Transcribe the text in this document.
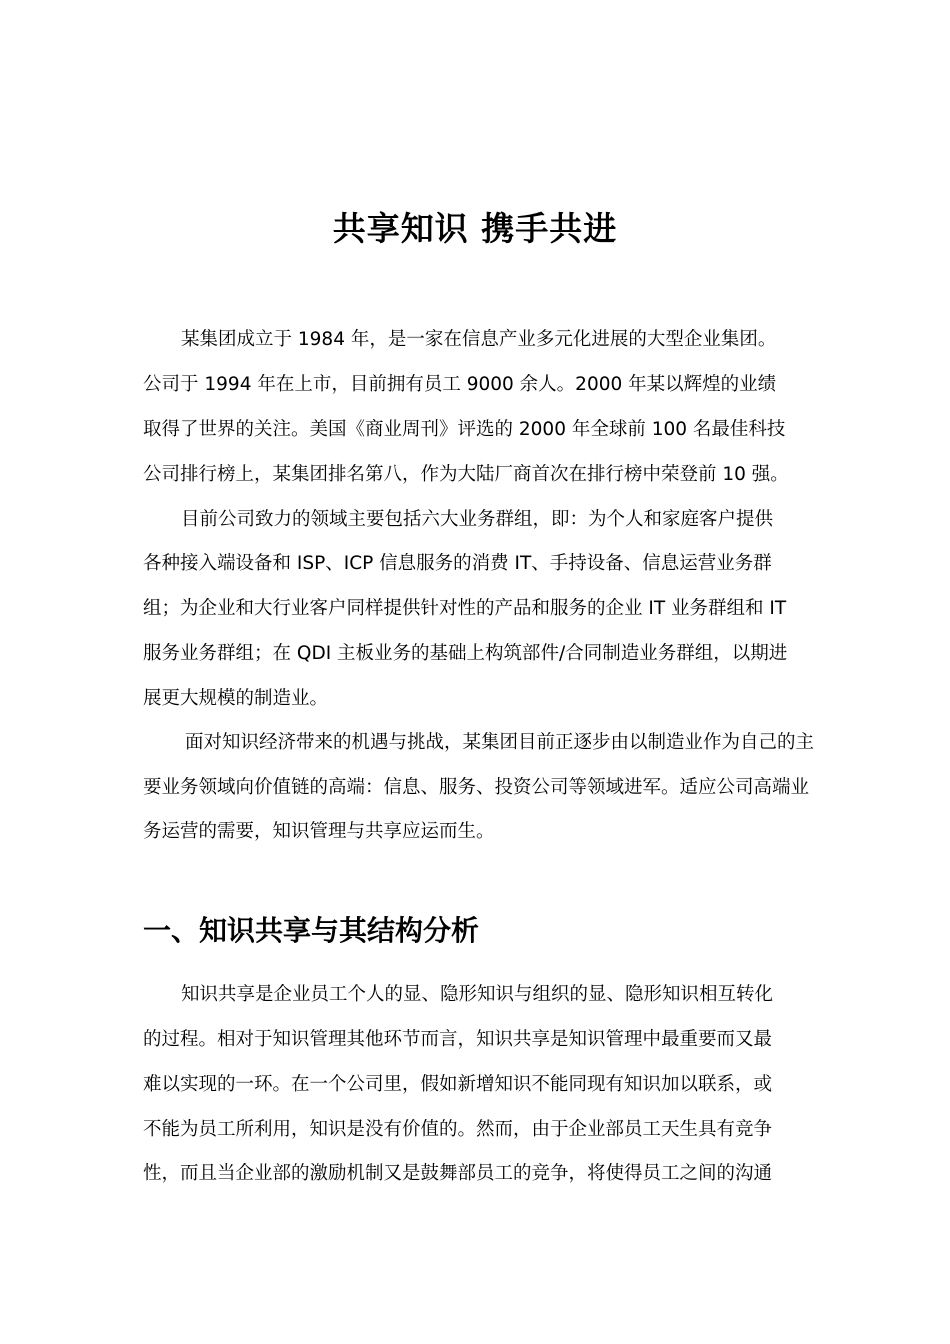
共享知识 携手共进
某集团成立于 1984 年，是一家在信息产业多元化进展的大型企业集团。
公司于 1994 年在上市，目前拥有员工 9000 余人。2000 年某以辉煌的业绩
取得了世界的关注。美国《商业周刊》评选的 2000 年全球前 100 名最佳科技
公司排行榜上，某集团排名第八，作为大陆厂商首次在排行榜中荣登前 10 强。
目前公司致力的领域主要包括六大业务群组，即：为个人和家庭客户提供
各种接入端设备和 ISP、ICP 信息服务的消费 IT、手持设备、信息运营业务群
组；为企业和大行业客户同样提供针对性的产品和服务的企业 IT 业务群组和 IT
服务业务群组；在 QDI 主板业务的基础上构筑部件/合同制造业务群组，以期进
展更大规模的制造业。
面对知识经济带来的机遇与挑战，某集团目前正逐步由以制造业作为自己的主
要业务领域向价值链的高端：信息、服务、投资公司等领域进军。适应公司高端业
务运营的需要，知识管理与共享应运而生。
一、知识共享与其结构分析
知识共享是企业员工个人的显、隐形知识与组织的显、隐形知识相互转化
的过程。相对于知识管理其他环节而言，知识共享是知识管理中最重要而又最
难以实现的一环。在一个公司里，假如新增知识不能同现有知识加以联系，或
不能为员工所利用，知识是没有价值的。然而，由于企业部员工天生具有竞争
性，而且当企业部的激励机制又是鼓舞部员工的竞争，将使得员工之间的沟通
